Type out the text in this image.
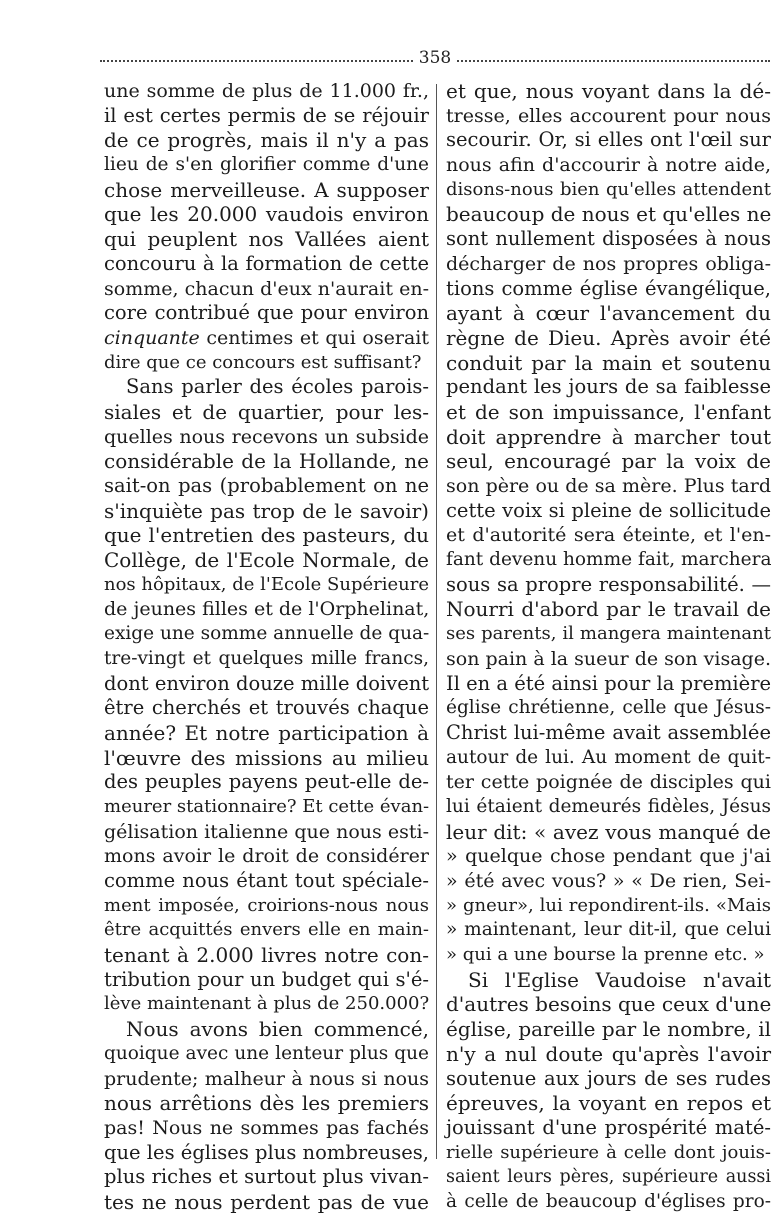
358
une somme de plus de 11.000 fr.,
il est certes permis de se réjouir
de ce progrès, mais il n'y a pas
lieu de s'en glorifier comme d'une
chose merveilleuse. A supposer
que les 20.000 vaudois environ
qui peuplent nos Vallées aient
concouru à la formation de cette
somme, chacun d'eux n'aurait en-
core contribué que pour environ
cinquante centimes et qui oserait
dire que ce concours est suffisant?
Sans parler des écoles parois-
siales et de quartier, pour les-
quelles nous recevons un subside
considérable de la Hollande, ne
sait-on pas (probablement on ne
s'inquiète pas trop de le savoir)
que l'entretien des pasteurs, du
Collège, de l'Ecole Normale, de
nos hôpitaux, de l'Ecole Supérieure
de jeunes filles et de l'Orphelinat,
exige une somme annuelle de qua-
tre-vingt et quelques mille francs,
dont environ douze mille doivent
être cherchés et trouvés chaque
année? Et notre participation à
l'œuvre des missions au milieu
des peuples payens peut-elle de-
meurer stationnaire? Et cette évan-
gélisation italienne que nous esti-
mons avoir le droit de considérer
comme nous étant tout spéciale-
ment imposée, croirions-nous nous
être acquittés envers elle en main-
tenant à 2.000 livres notre con-
tribution pour un budget qui s'é-
lève maintenant à plus de 250.000?
Nous avons bien commencé,
quoique avec une lenteur plus que
prudente; malheur à nous si nous
nous arrêtions dès les premiers
pas! Nous ne sommes pas fachés
que les églises plus nombreuses,
plus riches et surtout plus vivan-
tes ne nous perdent pas de vue
et que, nous voyant dans la dé-
tresse, elles accourent pour nous
secourir. Or, si elles ont l'œil sur
nous afin d'accourir à notre aide,
disons-nous bien qu'elles attendent
beaucoup de nous et qu'elles ne
sont nullement disposées à nous
décharger de nos propres obliga-
tions comme église évangélique,
ayant à cœur l'avancement du
règne de Dieu. Après avoir été
conduit par la main et soutenu
pendant les jours de sa faiblesse
et de son impuissance, l'enfant
doit apprendre à marcher tout
seul, encouragé par la voix de
son père ou de sa mère. Plus tard
cette voix si pleine de sollicitude
et d'autorité sera éteinte, et l'en-
fant devenu homme fait, marchera
sous sa propre responsabilité. —
Nourri d'abord par le travail de
ses parents, il mangera maintenant
son pain à la sueur de son visage.
Il en a été ainsi pour la première
église chrétienne, celle que Jésus-
Christ lui-même avait assemblée
autour de lui. Au moment de quit-
ter cette poignée de disciples qui
lui étaient demeurés fidèles, Jésus
leur dit: « avez vous manqué de
» quelque chose pendant que j'ai
» été avec vous? » « De rien, Sei-
» gneur», lui repondirent-ils. «Mais
» maintenant, leur dit-il, que celui
» qui a une bourse la prenne etc. »
Si l'Eglise Vaudoise n'avait
d'autres besoins que ceux d'une
église, pareille par le nombre, il
n'y a nul doute qu'après l'avoir
soutenue aux jours de ses rudes
épreuves, la voyant en repos et
jouissant d'une prospérité maté-
rielle supérieure à celle dont jouis-
saient leurs pères, supérieure aussi
à celle de beaucoup d'églises pro-
